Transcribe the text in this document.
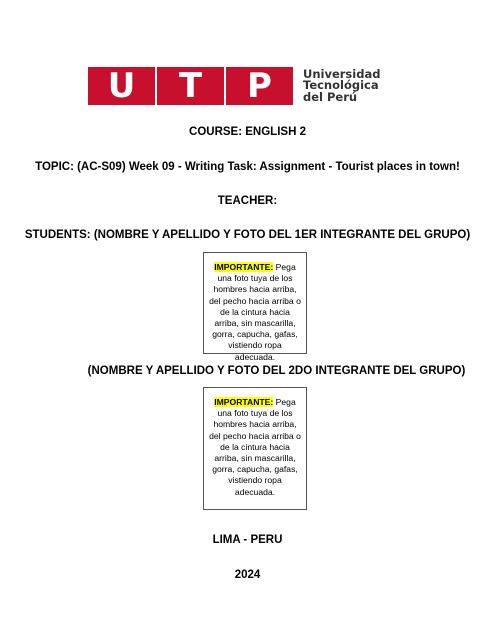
U	T	P	Universidad
Tecnológica
del Perú
COURSE: ENGLISH 2
TOPIC: (AC-S09) Week 09 - Writing Task: Assignment - Tourist places in town!
TEACHER:
STUDENTS: (NOMBRE Y APELLIDO Y FOTO DEL 1ER INTEGRANTE DEL GRUPO)
IMPORTANTE: Pega una foto tuya de los hombres hacia arriba, del pecho hacia arriba o de la cintura hacia arriba, sin mascarilla, gorra, capucha, gafas, vistiendo ropa adecuada.
(NOMBRE Y APELLIDO Y FOTO DEL 2DO INTEGRANTE DEL GRUPO)
IMPORTANTE: Pega una foto tuya de los hombres hacia arriba, del pecho hacia arriba o de la cintura hacia arriba, sin mascarilla, gorra, capucha, gafas, vistiendo ropa adecuada.
LIMA - PERU
2024
